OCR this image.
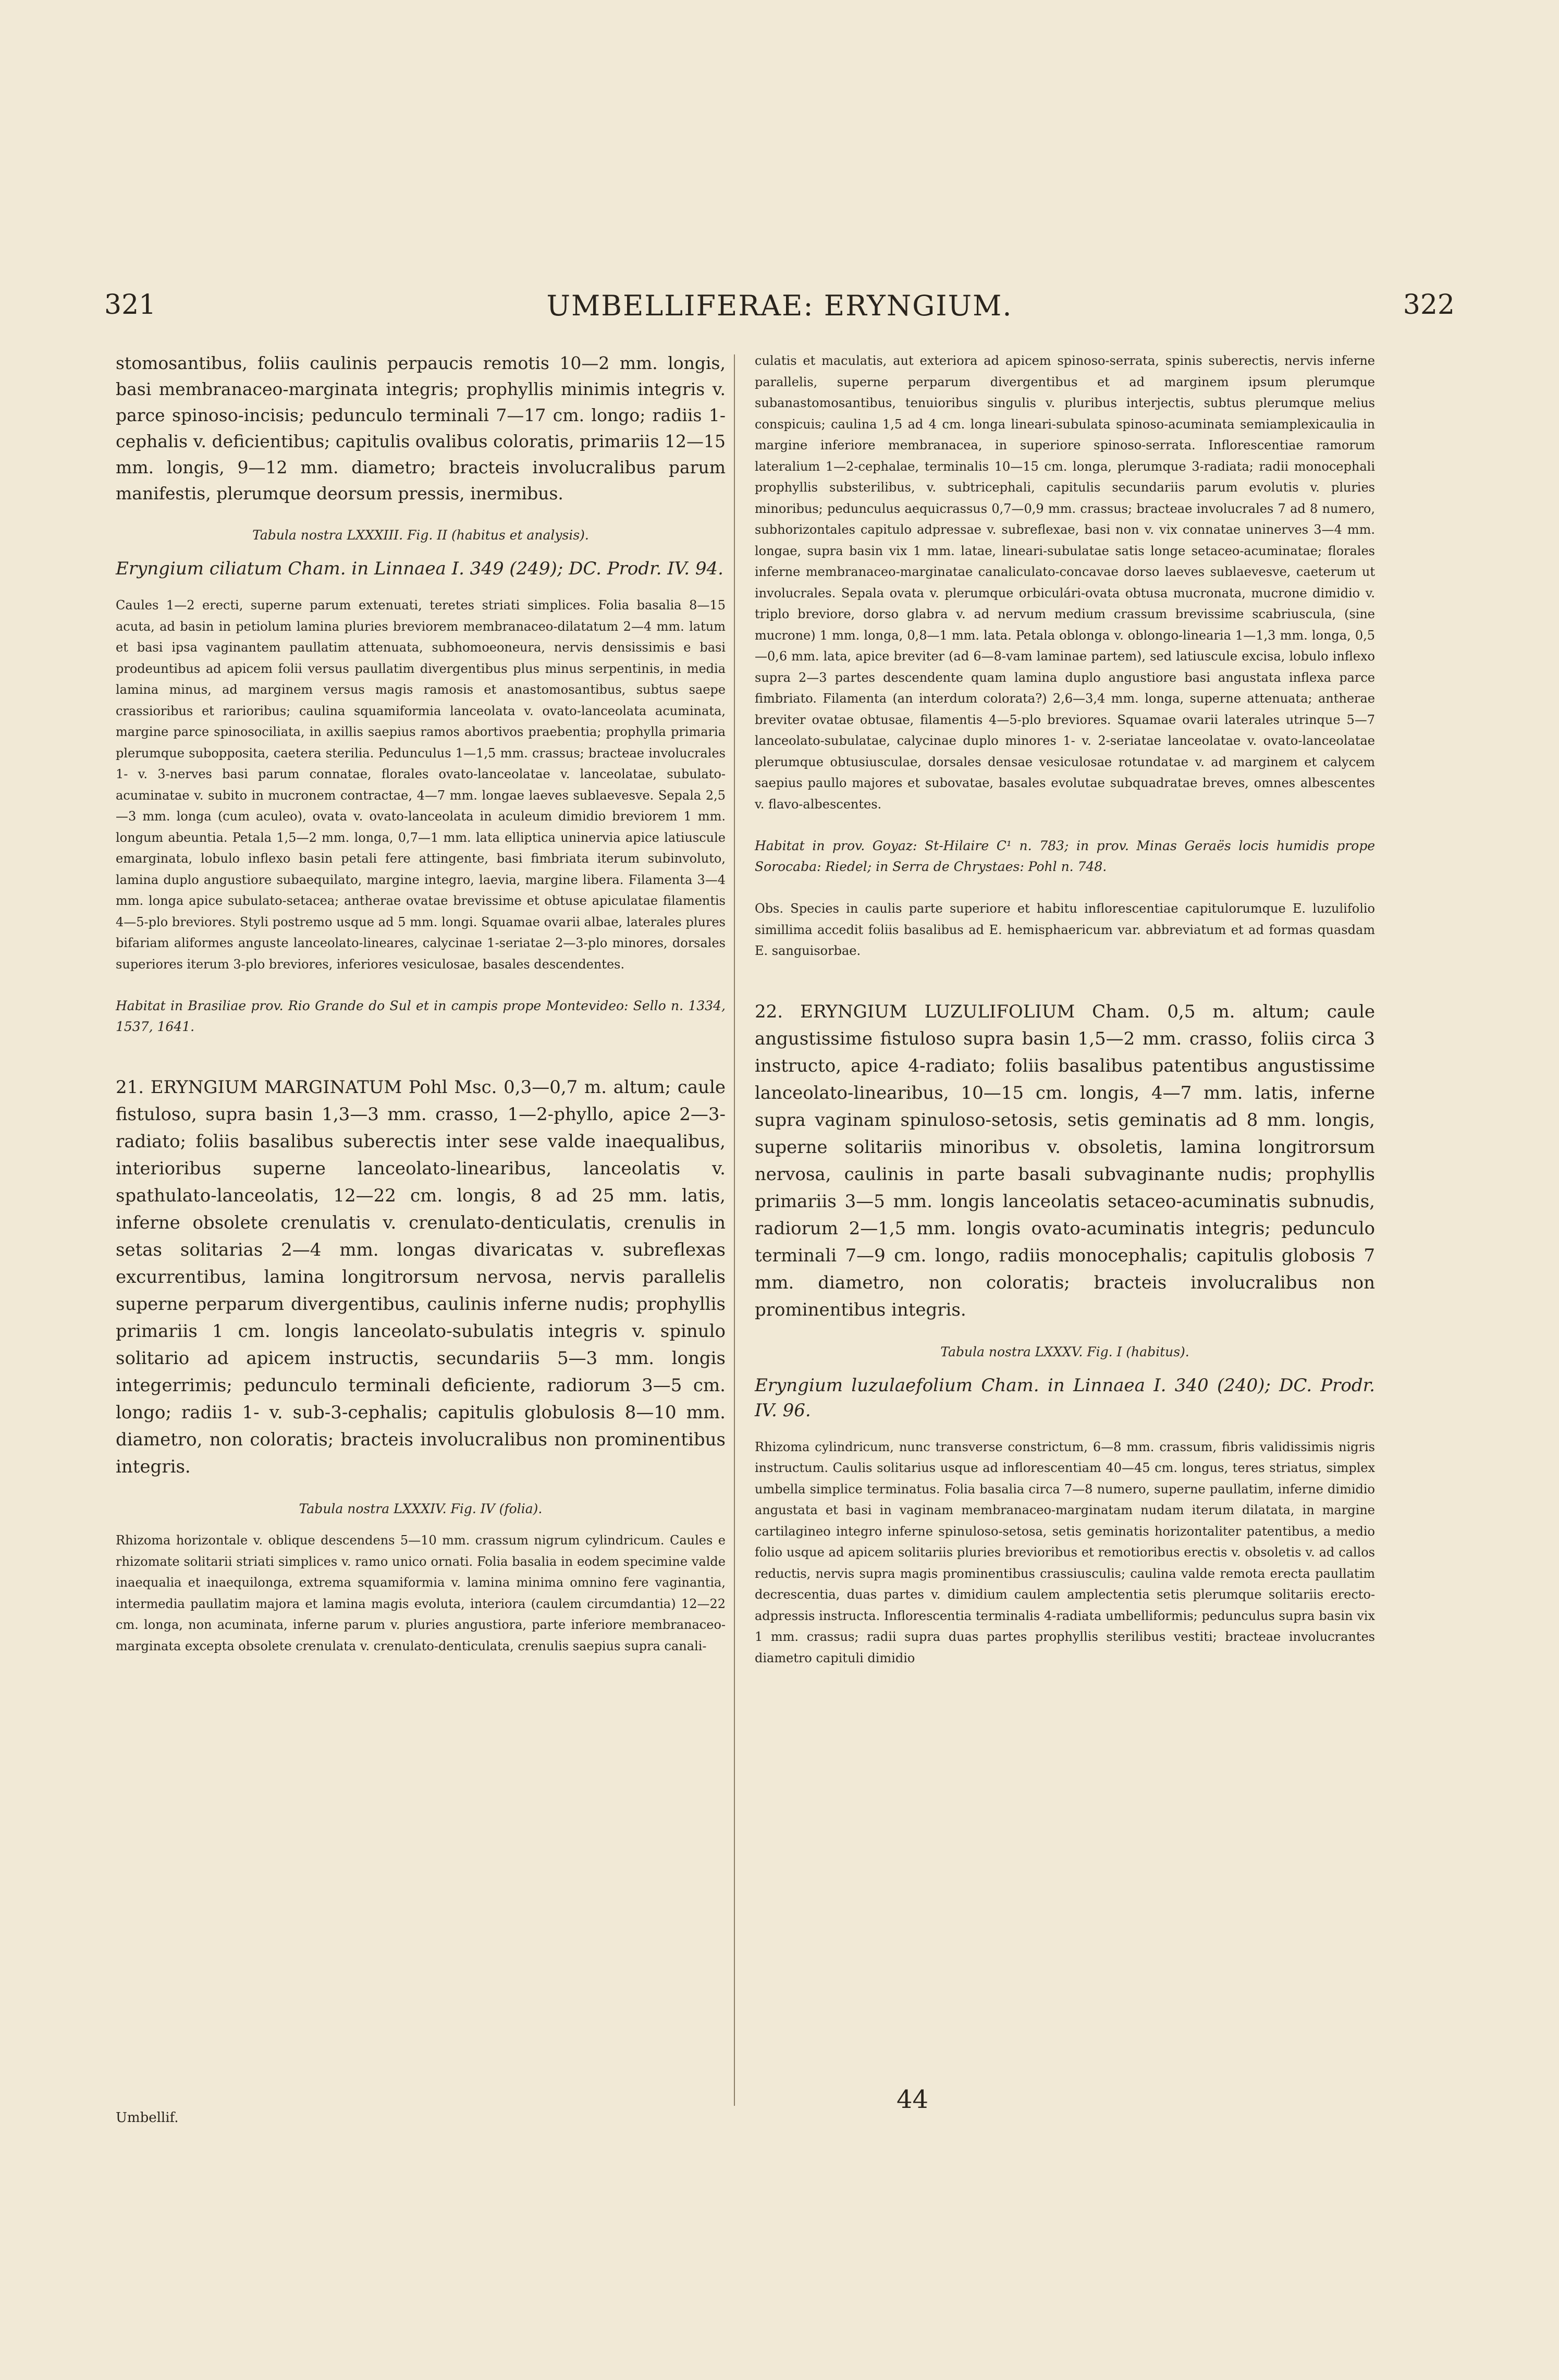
321	UMBELLIFERAE: ERYNGIUM.	322

stomosantibus, foliis caulinis perpaucis remotis 10—2 mm. longis, basi membranaceo-marginata integris; prophyllis minimis integris v. parce spinoso-incisis; pedunculo terminali 7—17 cm. longo; radiis 1-cephalis v. deficientibus; capitulis ovalibus coloratis, primariis 12—15 mm. longis, 9—12 mm. diametro; bracteis involucralibus parum manifestis, plerumque deorsum pressis, inermibus.

Tabula nostra LXXXIII. Fig. II (habitus et analysis).

Eryngium ciliatum Cham. in Linnaea I. 349 (249); DC. Prodr. IV. 94.

Caules 1—2 erecti, superne parum extenuati, teretes striati simplices. Folia basalia 8—15 acuta, ad basin in petiolum lamina pluries breviorem membranaceo-dilatatum 2—4 mm. latum et basi ipsa vaginantem paullatim attenuata, subhomoeoneura, nervis densissimis e basi prodeuntibus ad apicem folii versus paullatim divergentibus plus minus serpentinis, in media lamina minus, ad marginem versus magis ramosis et anastomosantibus, subtus saepe crassioribus et rarioribus; caulina squamiformia lanceolata v. ovato-lanceolata acuminata, margine parce spinosociliata, in axillis saepius ramos abortivos praebentia; prophylla primaria plerumque subopposita, caetera sterilia. Pedunculus 1—1,5 mm. crassus; bracteae involucrales 1- v. 3-nerves basi parum connatae, florales ovato-lanceolatae v. lanceolatae, subulato-acuminatae v. subito in mucronem contractae, 4—7 mm. longae laeves sublaevesve. Sepala 2,5—3 mm. longa (cum aculeo), ovata v. ovato-lanceolata in aculeum dimidio breviorem 1 mm. longum abeuntia. Petala 1,5—2 mm. longa, 0,7—1 mm. lata elliptica uninervia apice latiuscule emarginata, lobulo inflexo basin petali fere attingente, basi fimbriata iterum subinvoluto, lamina duplo angustiore subaequilato, margine integro, laevia, margine libera. Filamenta 3—4 mm. longa apice subulato-setacea; antherae ovatae brevissime et obtuse apiculatae filamentis 4—5-plo breviores. Styli postremo usque ad 5 mm. longi. Squamae ovarii albae, laterales plures bifariam aliformes anguste lanceolato-lineares, calycinae 1-seriatae 2—3-plo minores, dorsales superiores iterum 3-plo breviores, inferiores vesiculosae, basales descendentes.

Habitat in Brasiliae prov. Rio Grande do Sul et in campis prope Montevideo: Sello n. 1334, 1537, 1641.

21. ERYNGIUM MARGINATUM Pohl Msc. 0,3—0,7 m. altum; caule fistuloso, supra basin 1,3—3 mm. crasso, 1—2-phyllo, apice 2—3-radiato; foliis basalibus suberectis inter sese valde inaequalibus, interioribus superne lanceolato-linearibus, lanceolatis v. spathulato-lanceolatis, 12—22 cm. longis, 8 ad 25 mm. latis, inferne obsolete crenulatis v. crenulato-denticulatis, crenulis in setas solitarias 2—4 mm. longas divaricatas v. subreflexas excurrentibus, lamina longitrorsum nervosa, nervis parallelis superne perparum divergentibus, caulinis inferne nudis; prophyllis primariis 1 cm. longis lanceolato-subulatis integris v. spinulo solitario ad apicem instructis, secundariis 5—3 mm. longis integerrimis; pedunculo terminali deficiente, radiorum 3—5 cm. longo; radiis 1- v. sub-3-cephalis; capitulis globulosis 8—10 mm. diametro, non coloratis; bracteis involucralibus non prominentibus integris.

Tabula nostra LXXXIV. Fig. IV (folia).

Rhizoma horizontale v. oblique descendens 5—10 mm. crassum nigrum cylindricum. Caules e rhizomate solitarii striati simplices v. ramo unico ornati. Folia basalia in eodem specimine valde inaequalia et inaequilonga, extrema squamiformia v. lamina minima omnino fere vaginantia, intermedia paullatim majora et lamina magis evoluta, interiora (caulem circumdantia) 12—22 cm. longa, non acuminata, inferne parum v. pluries angustiora, parte inferiore membranaceo-marginata excepta obsolete crenulata v. crenulato-denticulata, crenulis saepius supra canali-

culatis et maculatis, aut exteriora ad apicem spinoso-serrata, spinis suberectis, nervis inferne parallelis, superne perparum divergentibus et ad marginem ipsum plerumque subanastomosantibus, tenuioribus singulis v. pluribus interjectis, subtus plerumque melius conspicuis; caulina 1,5 ad 4 cm. longa lineari-subulata spinoso-acuminata semiamplexicaulia in margine inferiore membranacea, in superiore spinoso-serrata. Inflorescentiae ramorum lateralium 1—2-cephalae, terminalis 10—15 cm. longa, plerumque 3-radiata; radii monocephali prophyllis substerilibus, v. subtricephali, capitulis secundariis parum evolutis v. pluries minoribus; pedunculus aequicrassus 0,7—0,9 mm. crassus; bracteae involucrales 7 ad 8 numero, subhorizontales capitulo adpressae v. subreflexae, basi non v. vix connatae uninerves 3—4 mm. longae, supra basin vix 1 mm. latae, lineari-subulatae satis longe setaceo-acuminatae; florales inferne membranaceo-marginatae canaliculato-concavae dorso laeves sublaevesve, caeterum ut involucrales. Sepala ovata v. plerumque orbiculári-ovata obtusa mucronata, mucrone dimidio v. triplo breviore, dorso glabra v. ad nervum medium crassum brevissime scabriuscula, (sine mucrone) 1 mm. longa, 0,8—1 mm. lata. Petala oblonga v. oblongo-linearia 1—1,3 mm. longa, 0,5—0,6 mm. lata, apice breviter (ad 6—8-vam laminae partem), sed latiuscule excisa, lobulo inflexo supra 2—3 partes descendente quam lamina duplo angustiore basi angustata inflexa parce fimbriato. Filamenta (an interdum colorata?) 2,6—3,4 mm. longa, superne attenuata; antherae breviter ovatae obtusae, filamentis 4—5-plo breviores. Squamae ovarii laterales utrinque 5—7 lanceolato-subulatae, calycinae duplo minores 1- v. 2-seriatae lanceolatae v. ovato-lanceolatae plerumque obtusiusculae, dorsales densae vesiculosae rotundatae v. ad marginem et calycem saepius paullo majores et subovatae, basales evolutae subquadratae breves, omnes albescentes v. flavo-albescentes.

Habitat in prov. Goyaz: St-Hilaire C¹ n. 783; in prov. Minas Geraës locis humidis prope Sorocaba: Riedel; in Serra de Chrystaes: Pohl n. 748.

Obs. Species in caulis parte superiore et habitu inflorescentiae capitulorumque E. luzulifolio simillima accedit foliis basalibus ad E. hemisphaericum var. abbreviatum et ad formas quasdam E. sanguisorbae.

22. ERYNGIUM LUZULIFOLIUM Cham. 0,5 m. altum; caule angustissime fistuloso supra basin 1,5—2 mm. crasso, foliis circa 3 instructo, apice 4-radiato; foliis basalibus patentibus angustissime lanceolato-linearibus, 10—15 cm. longis, 4—7 mm. latis, inferne supra vaginam spinuloso-setosis, setis geminatis ad 8 mm. longis, superne solitariis minoribus v. obsoletis, lamina longitrorsum nervosa, caulinis in parte basali subvaginante nudis; prophyllis primariis 3—5 mm. longis lanceolatis setaceo-acuminatis subnudis, radiorum 2—1,5 mm. longis ovato-acuminatis integris; pedunculo terminali 7—9 cm. longo, radiis monocephalis; capitulis globosis 7 mm. diametro, non coloratis; bracteis involucralibus non prominentibus integris.

Tabula nostra LXXXV. Fig. I (habitus).

Eryngium luzulaefolium Cham. in Linnaea I. 340 (240); DC. Prodr. IV. 96.

Rhizoma cylindricum, nunc transverse constrictum, 6—8 mm. crassum, fibris validissimis nigris instructum. Caulis solitarius usque ad inflorescentiam 40—45 cm. longus, teres striatus, simplex umbella simplice terminatus. Folia basalia circa 7—8 numero, superne paullatim, inferne dimidio angustata et basi in vaginam membranaceo-marginatam nudam iterum dilatata, in margine cartilagineo integro inferne spinuloso-setosa, setis geminatis horizontaliter patentibus, a medio folio usque ad apicem solitariis pluries brevioribus et remotioribus erectis v. obsoletis v. ad callos reductis, nervis supra magis prominentibus crassiusculis; caulina valde remota erecta paullatim decrescentia, duas partes v. dimidium caulem amplectentia setis plerumque solitariis erecto-adpressis instructa. Inflorescentia terminalis 4-radiata umbelliformis; pedunculus supra basin vix 1 mm. crassus; radii supra duas partes prophyllis sterilibus vestiti; bracteae involucrantes diametro capituli dimidio

Umbellif.
44
